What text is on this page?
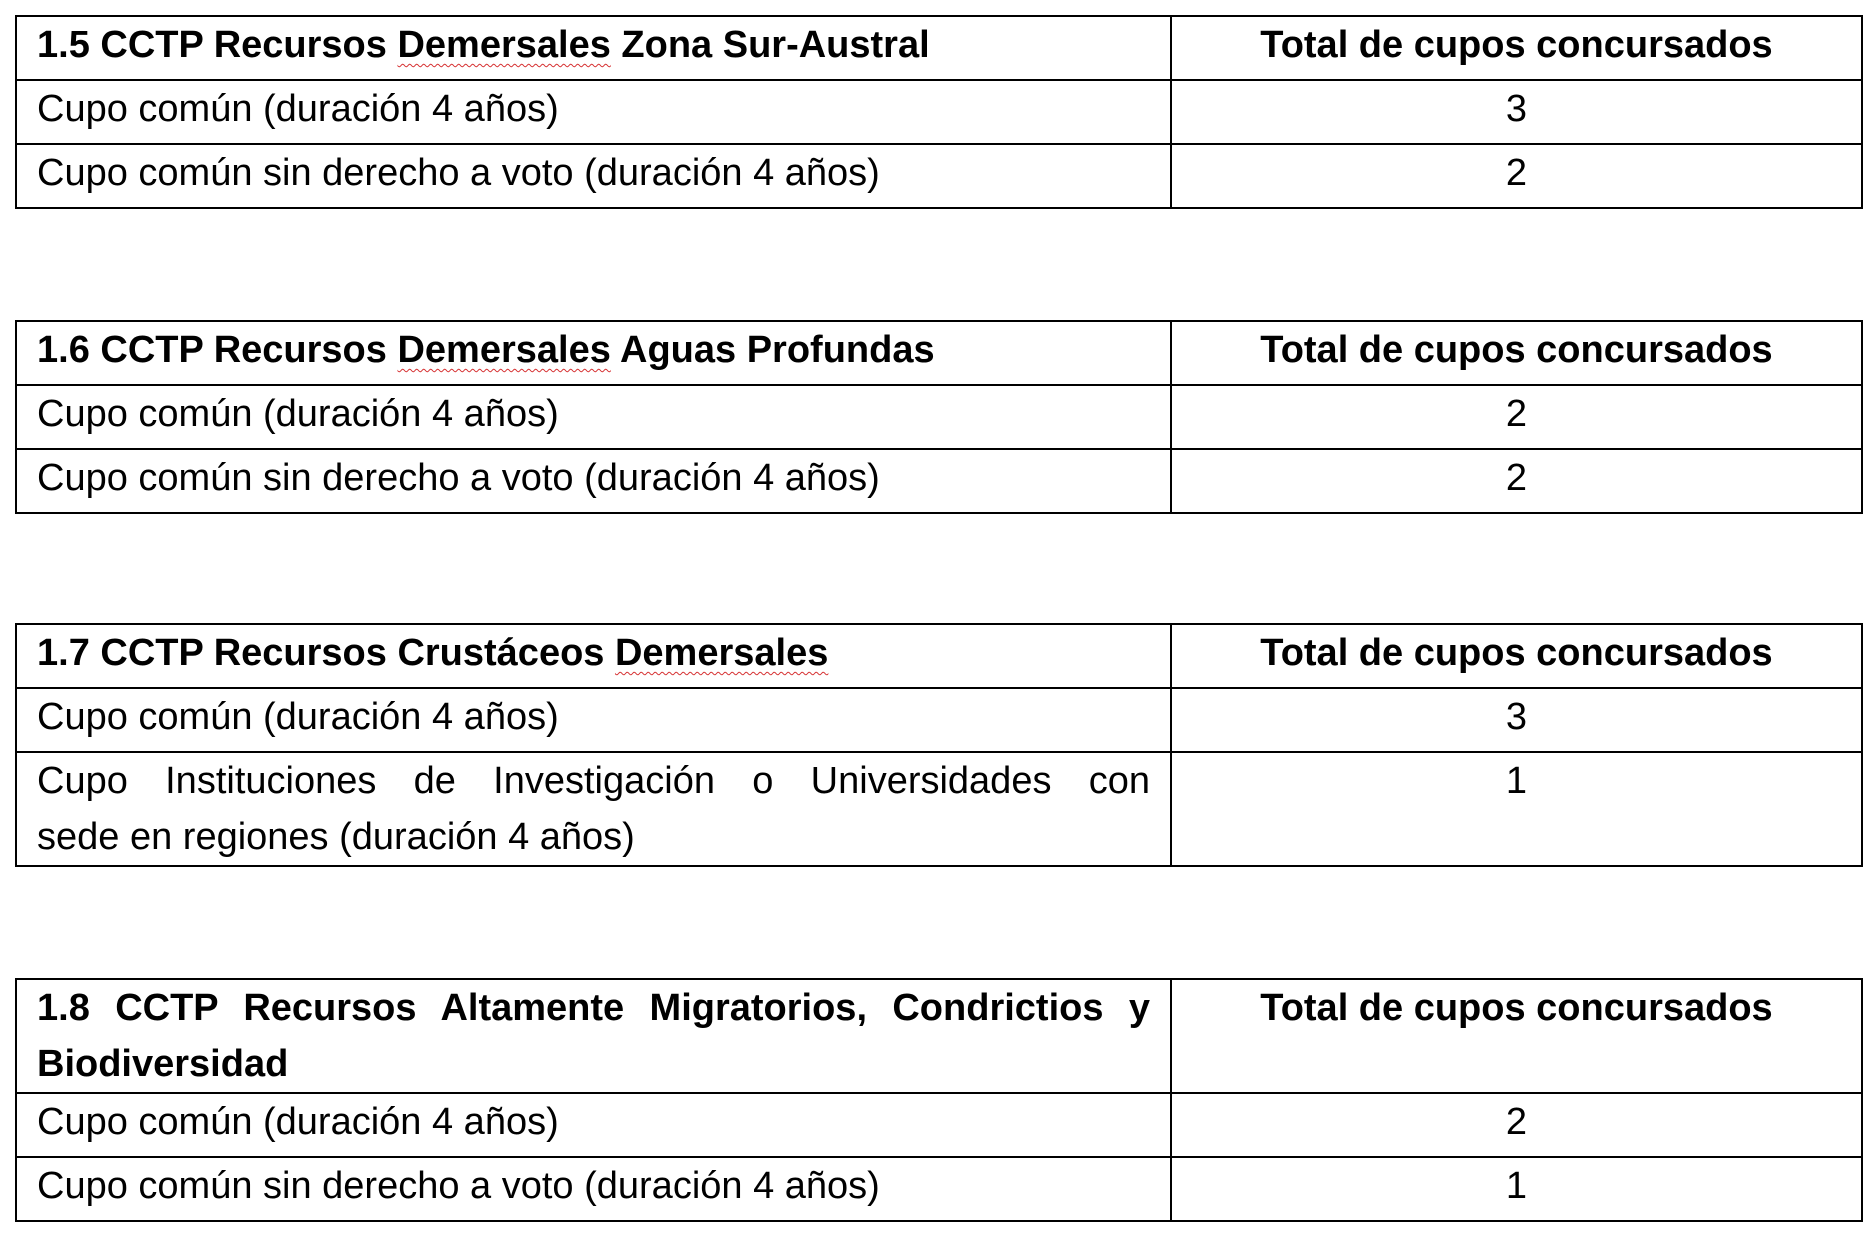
1.5 CCTP Recursos Demersales Zona Sur-Austral	Total de cupos concursados
Cupo común (duración 4 años)	3
Cupo común sin derecho a voto (duración 4 años)	2
1.6 CCTP Recursos Demersales Aguas Profundas	Total de cupos concursados
Cupo común (duración 4 años)	2
Cupo común sin derecho a voto (duración 4 años)	2
1.7 CCTP Recursos Crustáceos Demersales	Total de cupos concursados
Cupo común (duración 4 años)	3

Cupo Instituciones de Investigación o Universidades con
sede en regiones (duración 4 años)	1
1.8 CCTP Recursos Altamente Migratorios, Condrictios y
Biodiversidad	Total de cupos concursados
Cupo común (duración 4 años)	2
Cupo común sin derecho a voto (duración 4 años)	1
